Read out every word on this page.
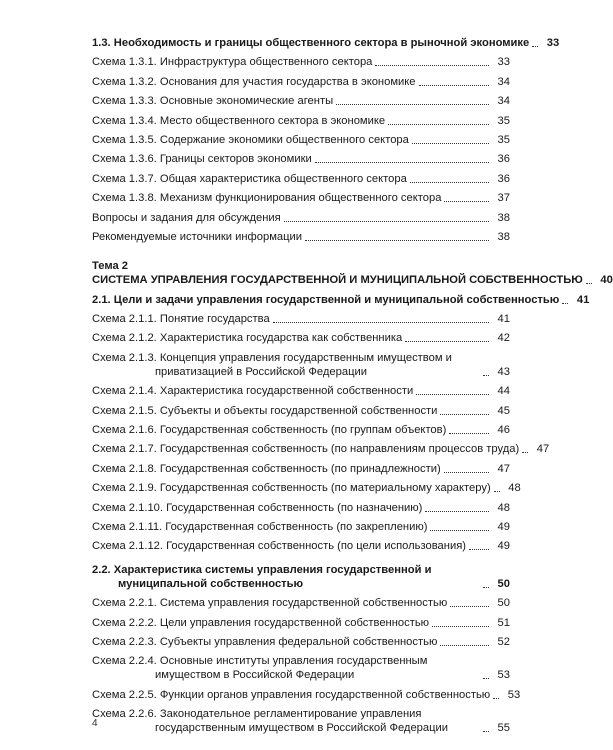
1.3. Необходимость и границы общественного сектора в рыночной экономике	33
Схема 1.3.1. Инфраструктура общественного сектора	33
Схема 1.3.2. Основания для участия государства в экономике	34
Схема 1.3.3. Основные экономические агенты	34
Схема 1.3.4. Место общественного сектора в экономике	35
Схема 1.3.5. Содержание экономики общественного сектора	35
Схема 1.3.6. Границы секторов экономики	36
Схема 1.3.7. Общая характеристика общественного сектора	36
Схема 1.3.8. Механизм функционирования общественного сектора	37
Вопросы и задания для обсуждения	38
Рекомендуемые источники информации	38
Тема 2
СИСТЕМА УПРАВЛЕНИЯ ГОСУДАРСТВЕННОЙ И МУНИЦИПАЛЬНОЙ СОБСТВЕННОСТЬЮ	40
2.1. Цели и задачи управления государственной и муниципальной собственностью	41
Схема 2.1.1. Понятие государства	41
Схема 2.1.2. Характеристика государства как собственника	42
Схема 2.1.3. Концепция управления государственным имуществом и приватизацией в Российской Федерации	43
Схема 2.1.4. Характеристика государственной собственности	44
Схема 2.1.5. Субъекты и объекты государственной собственности	45
Схема 2.1.6. Государственная собственность (по группам объектов)	46
Схема 2.1.7. Государственная собственность (по направлениям процессов труда)	47
Схема 2.1.8. Государственная собственность (по принадлежности)	47
Схема 2.1.9. Государственная собственность (по материальному характеру)	48
Схема 2.1.10. Государственная собственность (по назначению)	48
Схема 2.1.11. Государственная собственность (по закреплению)	49
Схема 2.1.12. Государственная собственность (по цели использования)	49
2.2. Характеристика системы управления государственной и муниципальной собственностью	50
Схема 2.2.1. Система управления государственной собственностью	50
Схема 2.2.2. Цели управления государственной собственностью	51
Схема 2.2.3. Субъекты управления федеральной собственностью	52
Схема 2.2.4. Основные институты управления государственным имуществом в Российской Федерации	53
Схема 2.2.5. Функции органов управления государственной собственностью	53
Схема 2.2.6. Законодательное регламентирование управления государственным имуществом в Российской Федерации	55
4
